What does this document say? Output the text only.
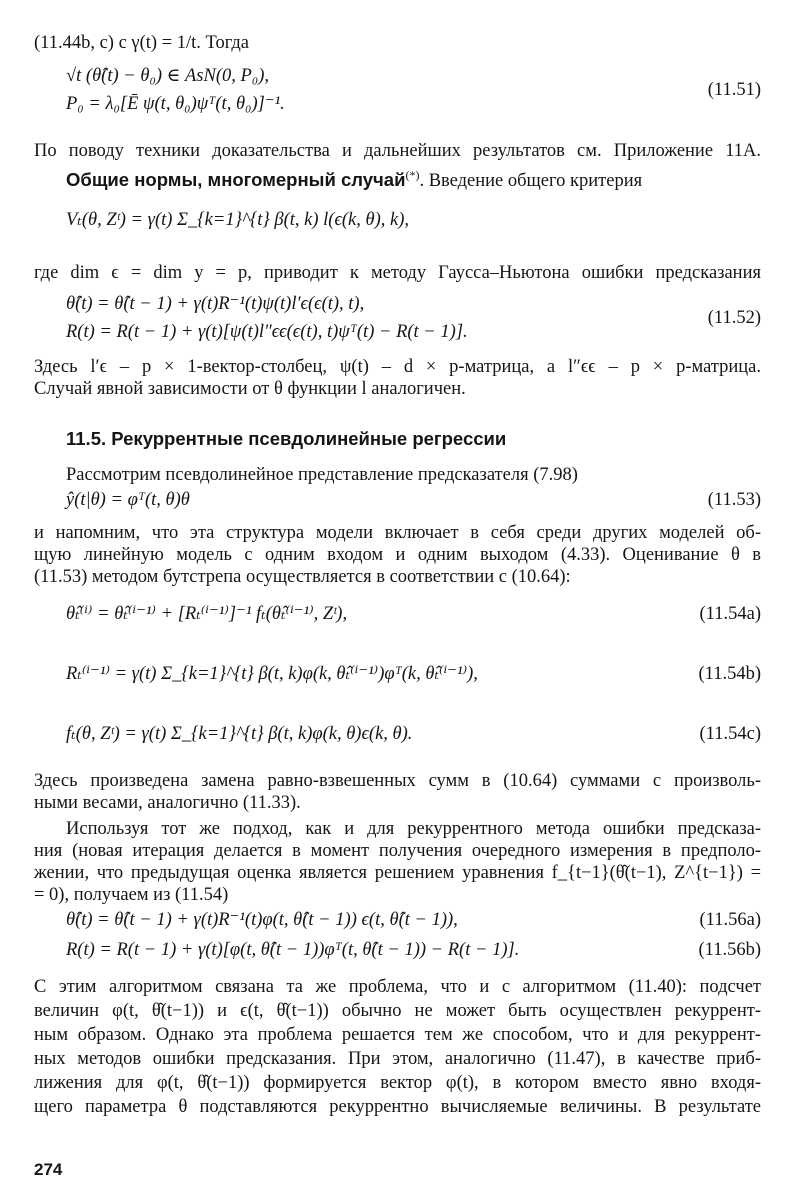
(11.44b, c) с γ(t) = 1/t. Тогда
√t (θ̂(t) − θ₀) ∈ AsN(0, P₀),
P₀ = λ₀[Ē ψ(t, θ₀)ψᵀ(t, θ₀)]⁻¹.
(11.51)
По поводу техники доказательства и дальнейших результатов см. Приложение 11А.
Общие нормы, многомерный случай(*). Введение общего критерия
Vₜ(θ, Zᵗ) = γ(t) Σ_{k=1}^{t} β(t, k) l(ϵ(k, θ), k),
где dim ϵ = dim y = p, приводит к методу Гаусса–Ньютона ошибки предсказания
θ̂(t) = θ̂(t − 1) + γ(t)R⁻¹(t)ψ(t)l′ϵ(ϵ(t), t),
R(t) = R(t − 1) + γ(t)[ψ(t)l″ϵϵ(ϵ(t), t)ψᵀ(t) − R(t − 1)].
(11.52)
Здесь l′ϵ – p × 1-вектор-столбец, ψ(t) – d × p-матрица, а l″ϵϵ – p × p-матрица.
Случай явной зависимости от θ функции l аналогичен.
11.5. Рекуррентные псевдолинейные регрессии
Рассмотрим псевдолинейное представление предсказателя (7.98)
ŷ(t|θ) = φᵀ(t, θ)θ	(11.53)
и напомним, что эта структура модели включает в себя среди других моделей об-
щую линейную модель с одним входом и одним выходом (4.33). Оценивание θ в
(11.53) методом бутстрепа осуществляется в соответствии с (10.64):
θ̂ₜ⁽ⁱ⁾ = θ̂ₜ⁽ⁱ⁻¹⁾ + [Rₜ⁽ⁱ⁻¹⁾]⁻¹ fₜ(θ̂ₜ⁽ⁱ⁻¹⁾, Zᵗ),	(11.54a)
Rₜ⁽ⁱ⁻¹⁾ = γ(t) Σ_{k=1}^{t} β(t, k)φ(k, θ̂ₜ⁽ⁱ⁻¹⁾)φᵀ(k, θ̂ₜ⁽ⁱ⁻¹⁾),	(11.54b)
fₜ(θ, Zᵗ) = γ(t) Σ_{k=1}^{t} β(t, k)φ(k, θ)ϵ(k, θ).	(11.54c)
Здесь произведена замена равно-взвешенных сумм в (10.64) суммами с произволь-
ными весами, аналогично (11.33).
Используя тот же подход, как и для рекуррентного метода ошибки предсказа-
ния (новая итерация делается в момент получения очередного измерения в предполо-
жении, что предыдущая оценка является решением уравнения f_{t−1}(θ̂(t−1), Z^{t−1}) =
= 0), получаем из (11.54)
θ̂(t) = θ̂(t − 1) + γ(t)R⁻¹(t)φ(t, θ̂(t − 1)) ϵ(t, θ̂(t − 1)),	(11.56a)
R(t) = R(t − 1) + γ(t)[φ(t, θ̂(t − 1))φᵀ(t, θ̂(t − 1)) − R(t − 1)].	(11.56b)
С этим алгоритмом связана та же проблема, что и с алгоритмом (11.40): подсчет
величин φ(t, θ̂(t−1)) и ϵ(t, θ̂(t−1)) обычно не может быть осуществлен рекуррент-
ным образом. Однако эта проблема решается тем же способом, что и для рекуррент-
ных методов ошибки предсказания. При этом, аналогично (11.47), в качестве приб-
лижения для φ(t, θ̂(t−1)) формируется вектор φ(t), в котором вместо явно входя-
щего параметра θ подставляются рекуррентно вычисляемые величины. В результате
274
